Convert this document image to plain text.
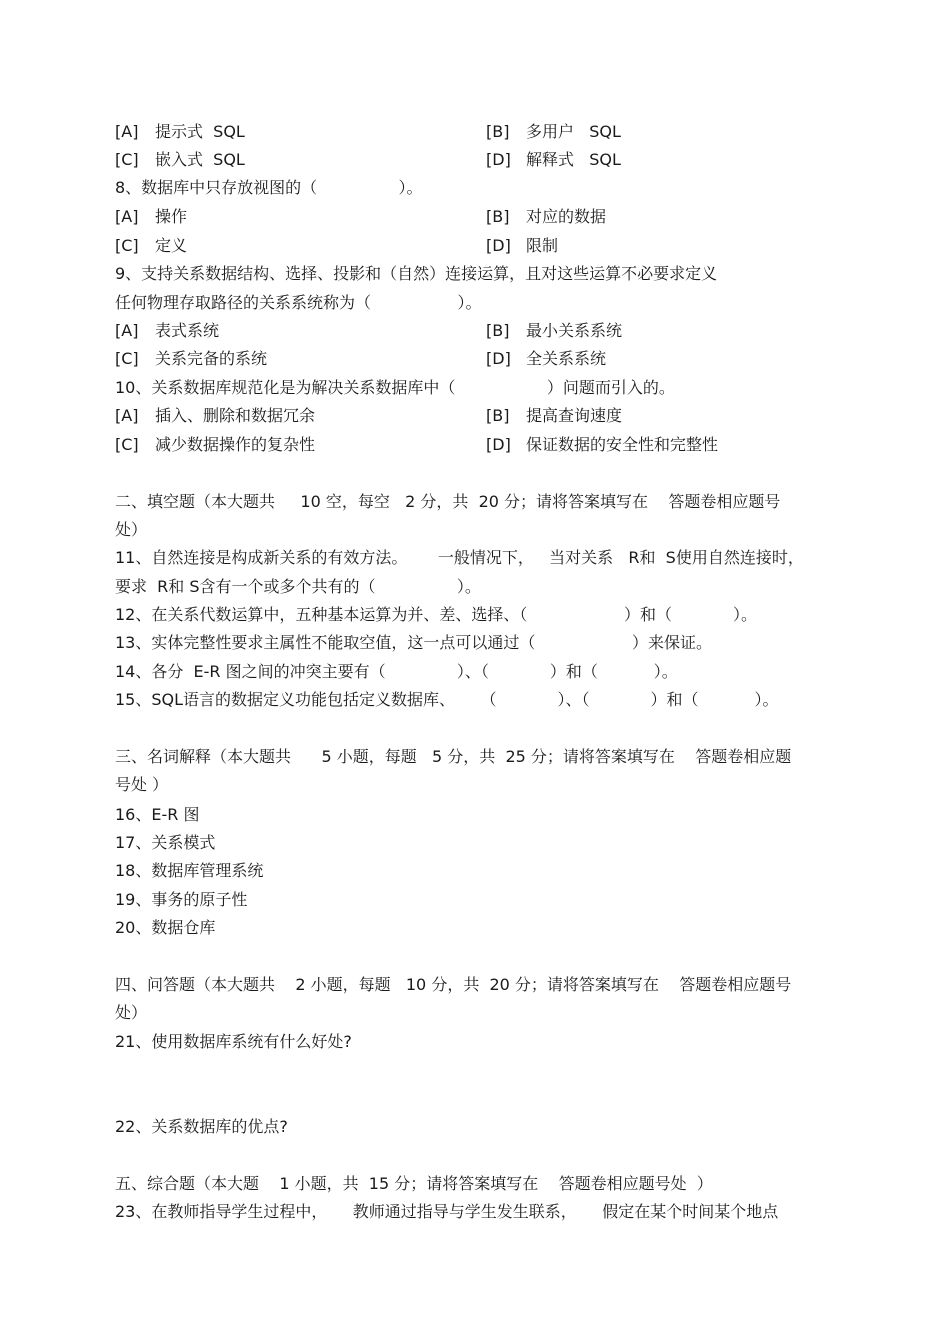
[A] 提示式  SQL	[B] 多用户   SQL
[C] 嵌入式  SQL	[D] 解释式   SQL
8、数据库中只存放视图的（                ）。
[A] 操作	[B] 对应的数据
[C] 定义	[D] 限制
9、支持关系数据结构、选择、投影和（自然）连接运算，且对这些运算不必要求定义
任何物理存取路径的关系系统称为（                 ）。
[A] 表式系统	[B] 最小关系系统
[C] 关系完备的系统	[D] 全关系系统
10、关系数据库规范化是为解决关系数据库中（                  ）问题而引入的。
[A] 插入、删除和数据冗余	[B] 提高查询速度
[C] 减少数据操作的复杂性	[D] 保证数据的安全性和完整性
二、填空题（本大题共     10 空，每空   2 分，共  20 分；请将答案填写在    答题卷相应题号
处）
11、自然连接是构成新关系的有效方法。      一般情况下，   当对关系   R和  S使用自然连接时，
要求  R和 S含有一个或多个共有的（                ）。
12、在关系代数运算中，五种基本运算为并、差、选择、（                   ）和（            ）。
13、实体完整性要求主属性不能取空值，这一点可以通过（                   ）来保证。
14、各分  E-R 图之间的冲突主要有（              ）、（            ）和（           ）。
15、SQL语言的数据定义功能包括定义数据库、     （            ）、（            ）和（           ）。
三、名词解释（本大题共      5 小题，每题   5 分，共  25 分；请将答案填写在    答题卷相应题
号处 ）
16、E-R 图
17、关系模式
18、数据库管理系统
19、事务的原子性
20、数据仓库
四、问答题（本大题共    2 小题，每题   10 分，共  20 分；请将答案填写在    答题卷相应题号
处）
21、使用数据库系统有什么好处?
22、关系数据库的优点?
五、综合题（本大题    1 小题，共  15 分；请将答案填写在    答题卷相应题号处  ）
23、在教师指导学生过程中，     教师通过指导与学生发生联系，     假定在某个时间某个地点
